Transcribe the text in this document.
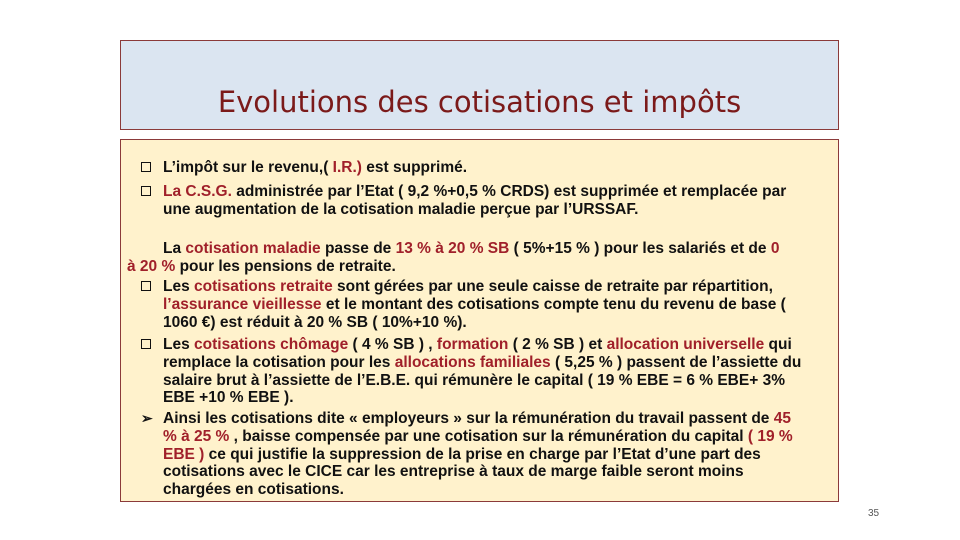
Evolutions des cotisations et impôts

L’impôt sur le revenu,( I.R.) est supprimé.

La C.S.G. administrée par l’Etat ( 9,2 %+0,5 % CRDS) est supprimée et remplacée par une augmentation de la cotisation maladie perçue par l’URSSAF.

La cotisation maladie passe de 13 % à 20 % SB ( 5%+15 % ) pour les salariés et de 0 à 20 % pour les pensions de retraite.

Les cotisations retraite sont gérées par une seule caisse de retraite par répartition, l’assurance vieillesse et le montant des cotisations compte tenu du revenu de base ( 1060 €) est réduit à 20 % SB ( 10%+10 %).

Les cotisations chômage ( 4 % SB ) , formation ( 2 % SB ) et allocation universelle qui remplace la cotisation pour les allocations familiales ( 5,25 % ) passent de l’assiette du salaire brut à l’assiette de l’E.B.E. qui rémunère le capital ( 19 % EBE = 6 % EBE+ 3% EBE +10 % EBE ).

➢ Ainsi les cotisations dite « employeurs » sur la rémunération du travail passent de 45 % à 25 % , baisse compensée par une cotisation sur la rémunération du capital ( 19 % EBE ) ce qui justifie la suppression de la prise en charge par l’Etat d’une part des cotisations avec le CICE car les entreprise à taux de marge faible seront moins chargées en cotisations.

35
